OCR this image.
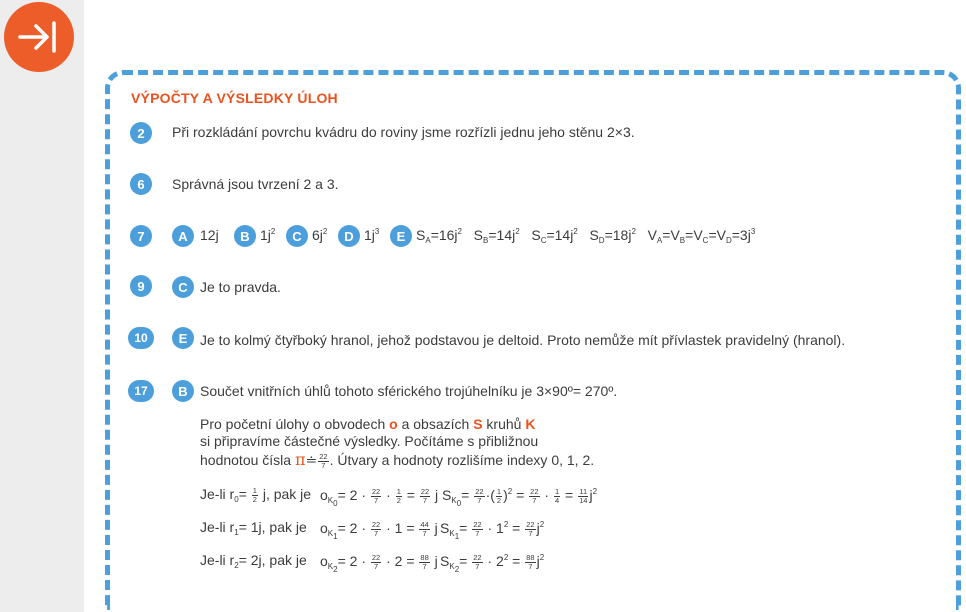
VÝPOČTY A VÝSLEDKY ÚLOH
2	Při rozkládání povrchu kvádru do roviny jsme rozřízli jednu jeho stěnu 2×3.
6	Správná jsou tvrzení 2 a 3.
7	A 12j	B $1j^2$	C $6j^2$	D $1j^3$	E $S_A=16j^2$ $S_B=14j^2$ $S_C=14j^2$ $S_D=18j^2$ $V_A=V_B=V_C=V_D=3j^3$
9	C Je to pravda.
10	E Je to kolmý čtyřboký hranol, jehož podstavou je deltoid. Proto nemůže mít přívlastek pravidelný (hranol).
17	B Součet vnitřních úhlů tohoto sférického trojúhelníku je 3×90º= 270º.
Pro početní úlohy o obvodech o a obsazích S kruhů K
si připravíme částečné výsledky. Počítáme s přibližnou
hodnotou čísla π≐ $\frac{22}{7}$ . Útvary a hodnoty rozlišíme indexy 0, 1, 2.
Je-li $r_0= \frac{1}{2} j$, pak je $o_{K_0}= 2 \cdot \frac{22}{7} \cdot \frac{1}{2} = \frac{22}{7}$ j $S_{K_0}= \frac{22}{7}$ ·( $\frac{1}{2} )^2 = \frac{22}{7} \cdot \frac{1}{4} = \frac{11}{14} j^2$
Je-li $r_1= 1j$, pak je $o_{K_1}= 2 \cdot \frac{22}{7} \cdot 1 = \frac{44}{7}$ j $S_{K_1}= \frac{22}{7} \cdot 1^2 = \frac{22}{7} j^2$
Je-li $r_2= 2j$, pak je $o_{K_2}= 2 \cdot \frac{22}{7} \cdot 2 = \frac{88}{7}$ j $S_{K_2}= \frac{22}{7} \cdot 2^2 = \frac{88}{7} j^2$
